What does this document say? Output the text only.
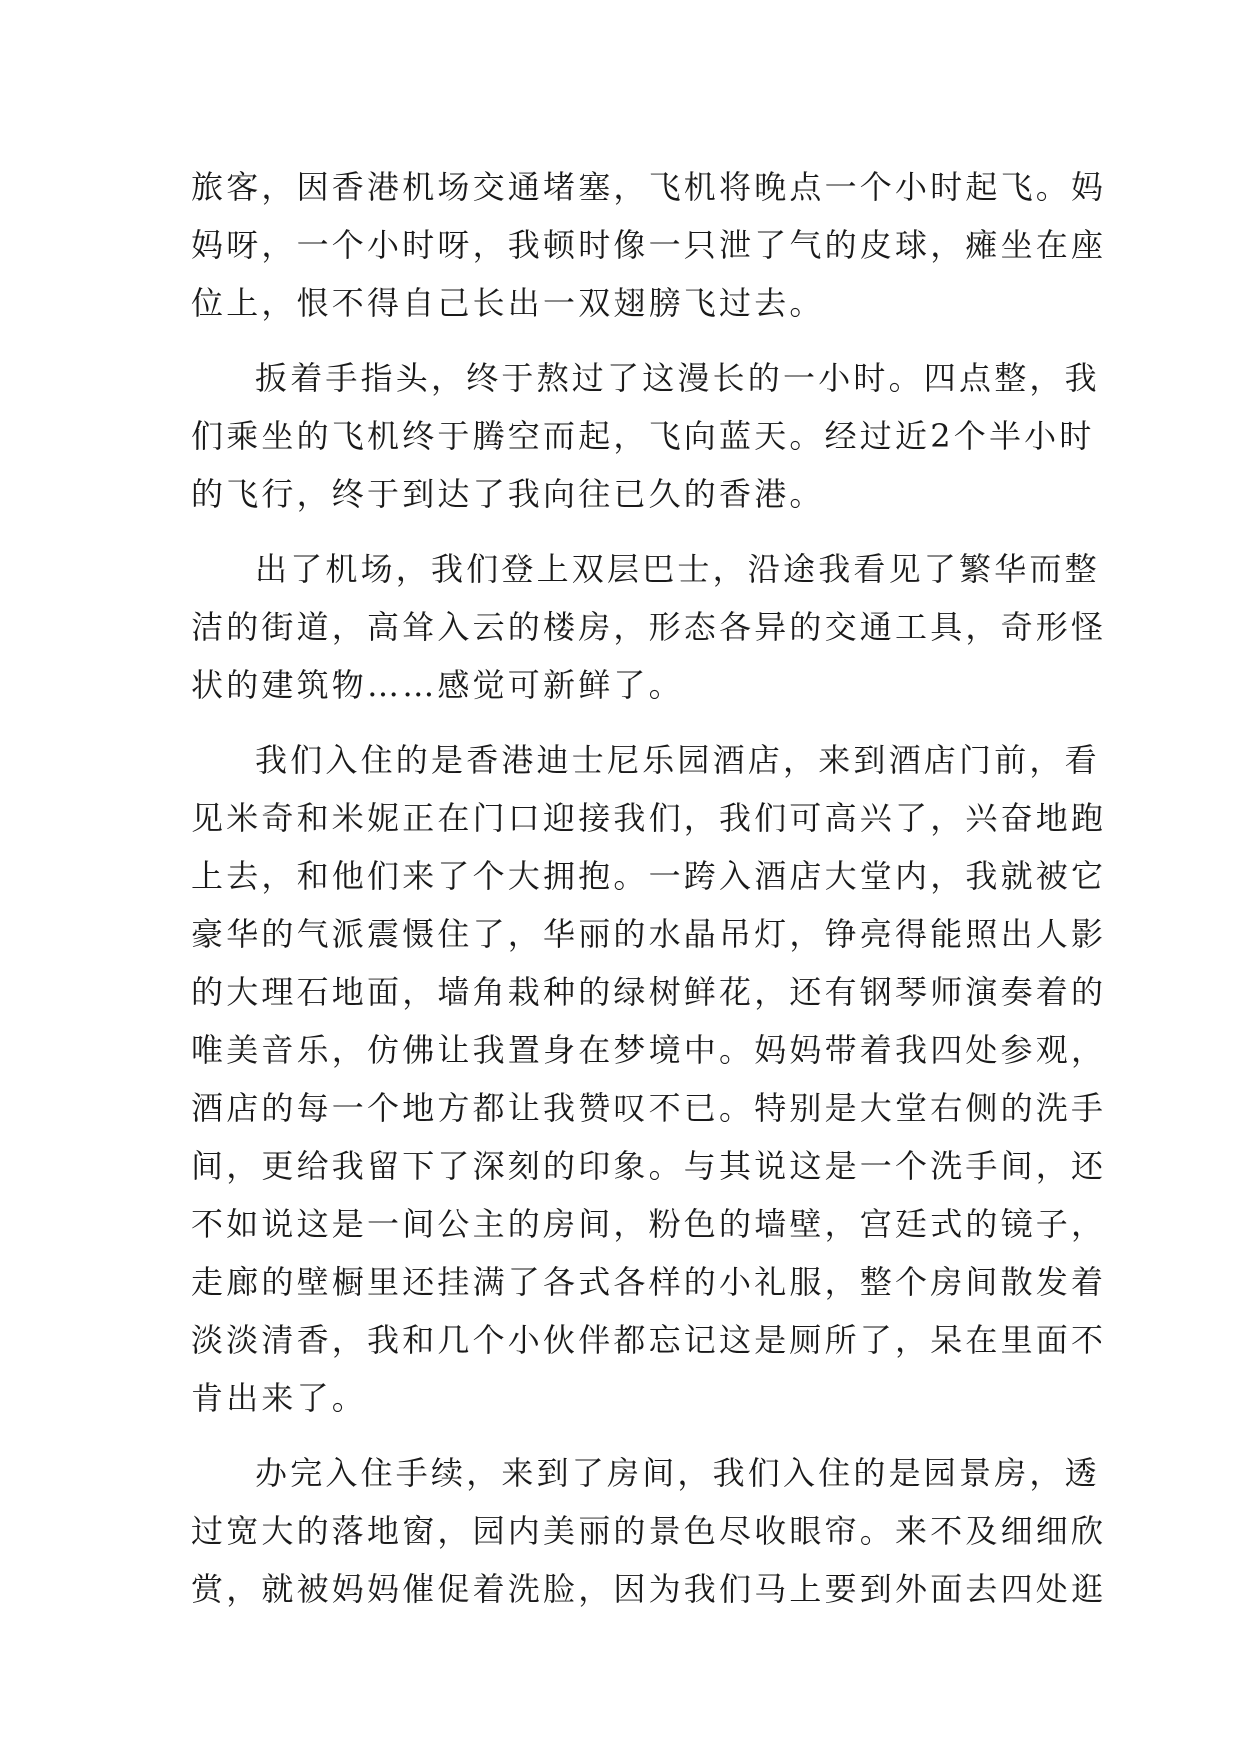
旅客，因香港机场交通堵塞，飞机将晚点一个小时起飞。妈
妈呀，一个小时呀，我顿时像一只泄了气的皮球，瘫坐在座
位上，恨不得自己长出一双翅膀飞过去。
扳着手指头，终于熬过了这漫长的一小时。四点整，我
们乘坐的飞机终于腾空而起，飞向蓝天。经过近2个半小时
的飞行，终于到达了我向往已久的香港。
出了机场，我们登上双层巴士，沿途我看见了繁华而整
洁的街道，高耸入云的楼房，形态各异的交通工具，奇形怪
状的建筑物……感觉可新鲜了。
我们入住的是香港迪士尼乐园酒店，来到酒店门前，看
见米奇和米妮正在门口迎接我们，我们可高兴了，兴奋地跑
上去，和他们来了个大拥抱。一跨入酒店大堂内，我就被它
豪华的气派震慑住了，华丽的水晶吊灯，铮亮得能照出人影
的大理石地面，墙角栽种的绿树鲜花，还有钢琴师演奏着的
唯美音乐，仿佛让我置身在梦境中。妈妈带着我四处参观，
酒店的每一个地方都让我赞叹不已。特别是大堂右侧的洗手
间，更给我留下了深刻的印象。与其说这是一个洗手间，还
不如说这是一间公主的房间，粉色的墙壁，宫廷式的镜子，
走廊的壁橱里还挂满了各式各样的小礼服，整个房间散发着
淡淡清香，我和几个小伙伴都忘记这是厕所了，呆在里面不
肯出来了。
办完入住手续，来到了房间，我们入住的是园景房，透
过宽大的落地窗，园内美丽的景色尽收眼帘。来不及细细欣
赏，就被妈妈催促着洗脸，因为我们马上要到外面去四处逛
